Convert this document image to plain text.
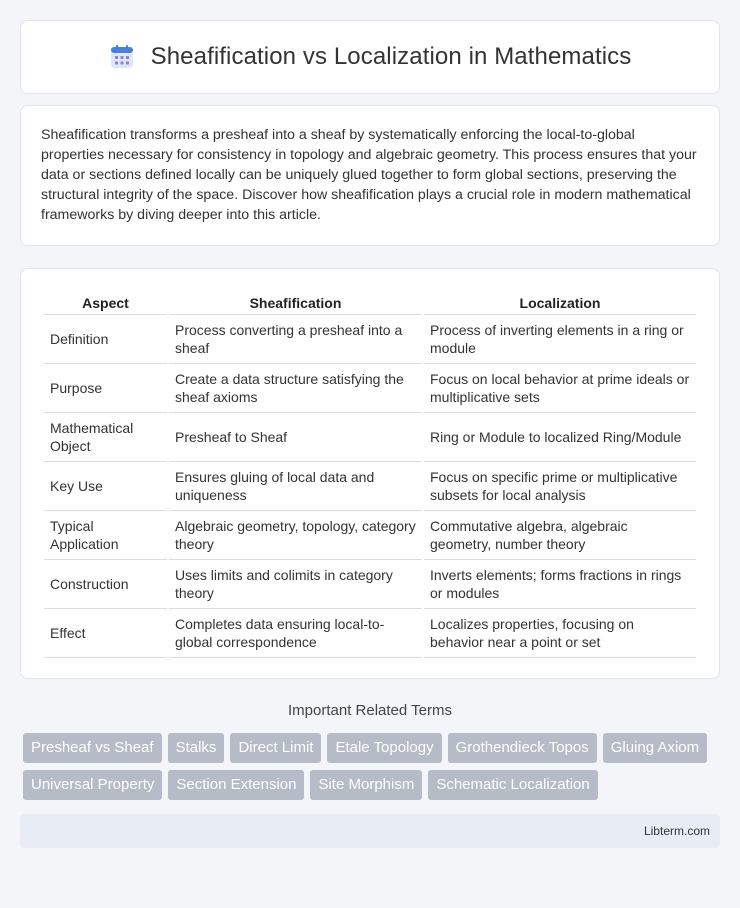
Sheafification vs Localization in Mathematics

Sheafification transforms a presheaf into a sheaf by systematically enforcing the local-to-global properties necessary for consistency in topology and algebraic geometry. This process ensures that your data or sections defined locally can be uniquely glued together to form global sections, preserving the structural integrity of the space. Discover how sheafification plays a crucial role in modern mathematical frameworks by diving deeper into this article.

Aspect	Sheafification	Localization
Definition	Process converting a presheaf into a sheaf	Process of inverting elements in a ring or module
Purpose	Create a data structure satisfying the sheaf axioms	Focus on local behavior at prime ideals or multiplicative sets
Mathematical Object	Presheaf to Sheaf	Ring or Module to localized Ring/Module
Key Use	Ensures gluing of local data and uniqueness	Focus on specific prime or multiplicative subsets for local analysis
Typical Application	Algebraic geometry, topology, category theory	Commutative algebra, algebraic geometry, number theory
Construction	Uses limits and colimits in category theory	Inverts elements; forms fractions in rings or modules
Effect	Completes data ensuring local-to-global correspondence	Localizes properties, focusing on behavior near a point or set
Important Related Terms
Presheaf vs Sheaf	Stalks	Direct Limit	Etale Topology	Grothendieck Topos	Gluing Axiom
Universal Property	Section Extension	Site Morphism	Schematic Localization
Libterm.com
